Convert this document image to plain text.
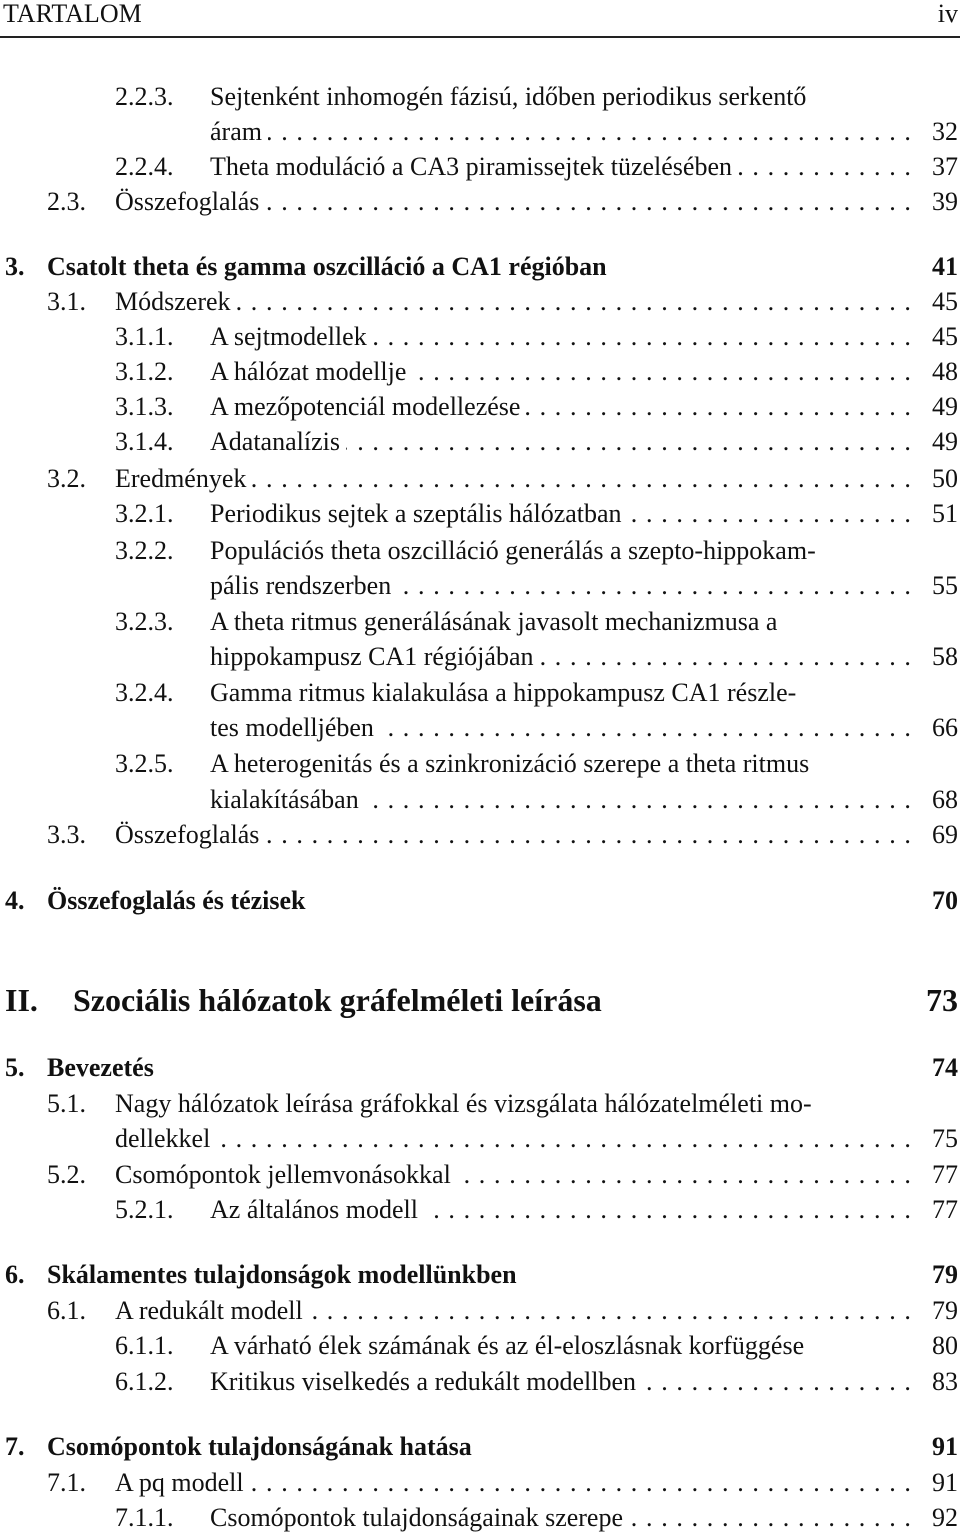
TARTALOM	iv
2.2.3. Sejtenként inhomogén fázisú, időben periodikus serkentő
áram . . .	32
2.2.4. Theta moduláció a CA3 piramissejtek tüzelésében . . .	37
2.3. Összefoglalás . . .	39
3. Csatolt theta és gamma oszcilláció a CA1 régióban	41
3.1. Módszerek . . .	45
3.1.1. A sejtmodellek . . .	45
3.1.2. A hálózat modellje . . .	48
3.1.3. A mezőpotenciál modellezése . . .	49
3.1.4. Adatanalízis . . .	49
3.2. Eredmények . . .	50
3.2.1. Periodikus sejtek a szeptális hálózatban . . .	51
3.2.2. Populációs theta oszcilláció generálás a szepto-hippokam-
pális rendszerben . . .	55
3.2.3. A theta ritmus generálásának javasolt mechanizmusa a
hippokampusz CA1 régiójában . . .	58
3.2.4. Gamma ritmus kialakulása a hippokampusz CA1 részle-
tes modelljében . . .	66
3.2.5. A heterogenitás és a szinkronizáció szerepe a theta ritmus
kialakításában . . .	68
3.3. Összefoglalás . . .	69
4. Összefoglalás és tézisek	70
II. Szociális hálózatok gráfelméleti leírása	73
5. Bevezetés	74
5.1. Nagy hálózatok leírása gráfokkal és vizsgálata hálózatelméleti mo-
dellekkel . . .	75
5.2. Csomópontok jellemvonásokkal . . .	77
5.2.1. Az általános modell . . .	77
6. Skálamentes tulajdonságok modellünkben	79
6.1. A redukált modell . . .	79
6.1.1. A várható élek számának és az él-eloszlásnak korfüggése	80
6.1.2. Kritikus viselkedés a redukált modellben . . .	83
7. Csomópontok tulajdonságának hatása	91
7.1. A pq modell . . .	91
7.1.1. Csomópontok tulajdonságainak szerepe . . .	92
